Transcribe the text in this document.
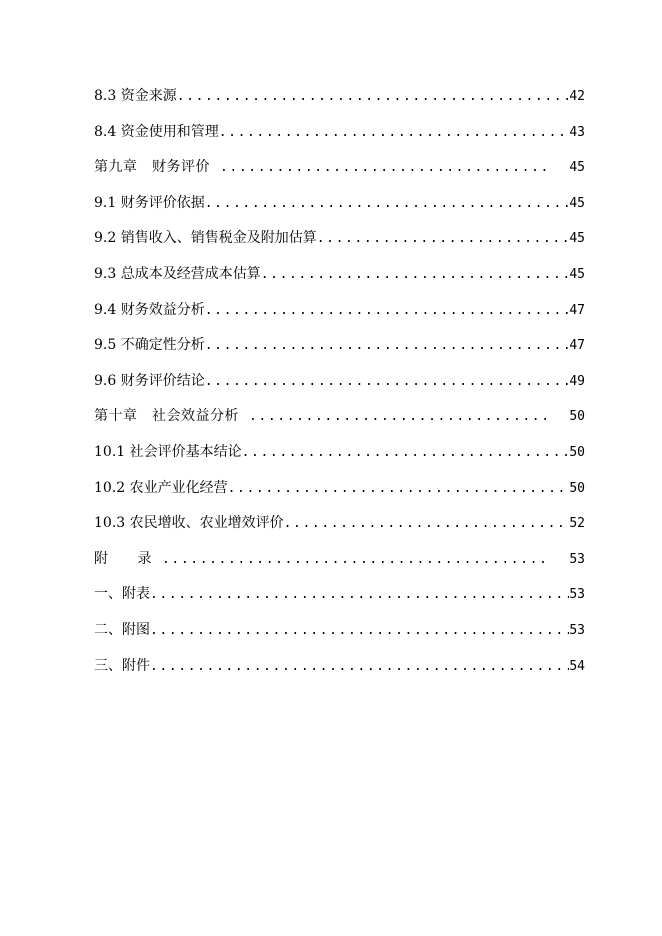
8.3 资金来源 .....	42
8.4 资金使用和管理 .....	43
第九章　财务评价 .....	45
9.1 财务评价依据 .....	45
9.2 销售收入、销售税金及附加估算 .....	45
9.3 总成本及经营成本估算 .....	45
9.4 财务效益分析 .....	47
9.5 不确定性分析 .....	47
9.6 财务评价结论 .....	49
第十章　社会效益分析 .....	50
10.1 社会评价基本结论 .....	50
10.2 农业产业化经营 .....	50
10.3 农民增收、农业增效评价 .....	52
附　　录 .....	53
一、附表 .....	53
二、附图 .....	53
三、附件 .....	54
